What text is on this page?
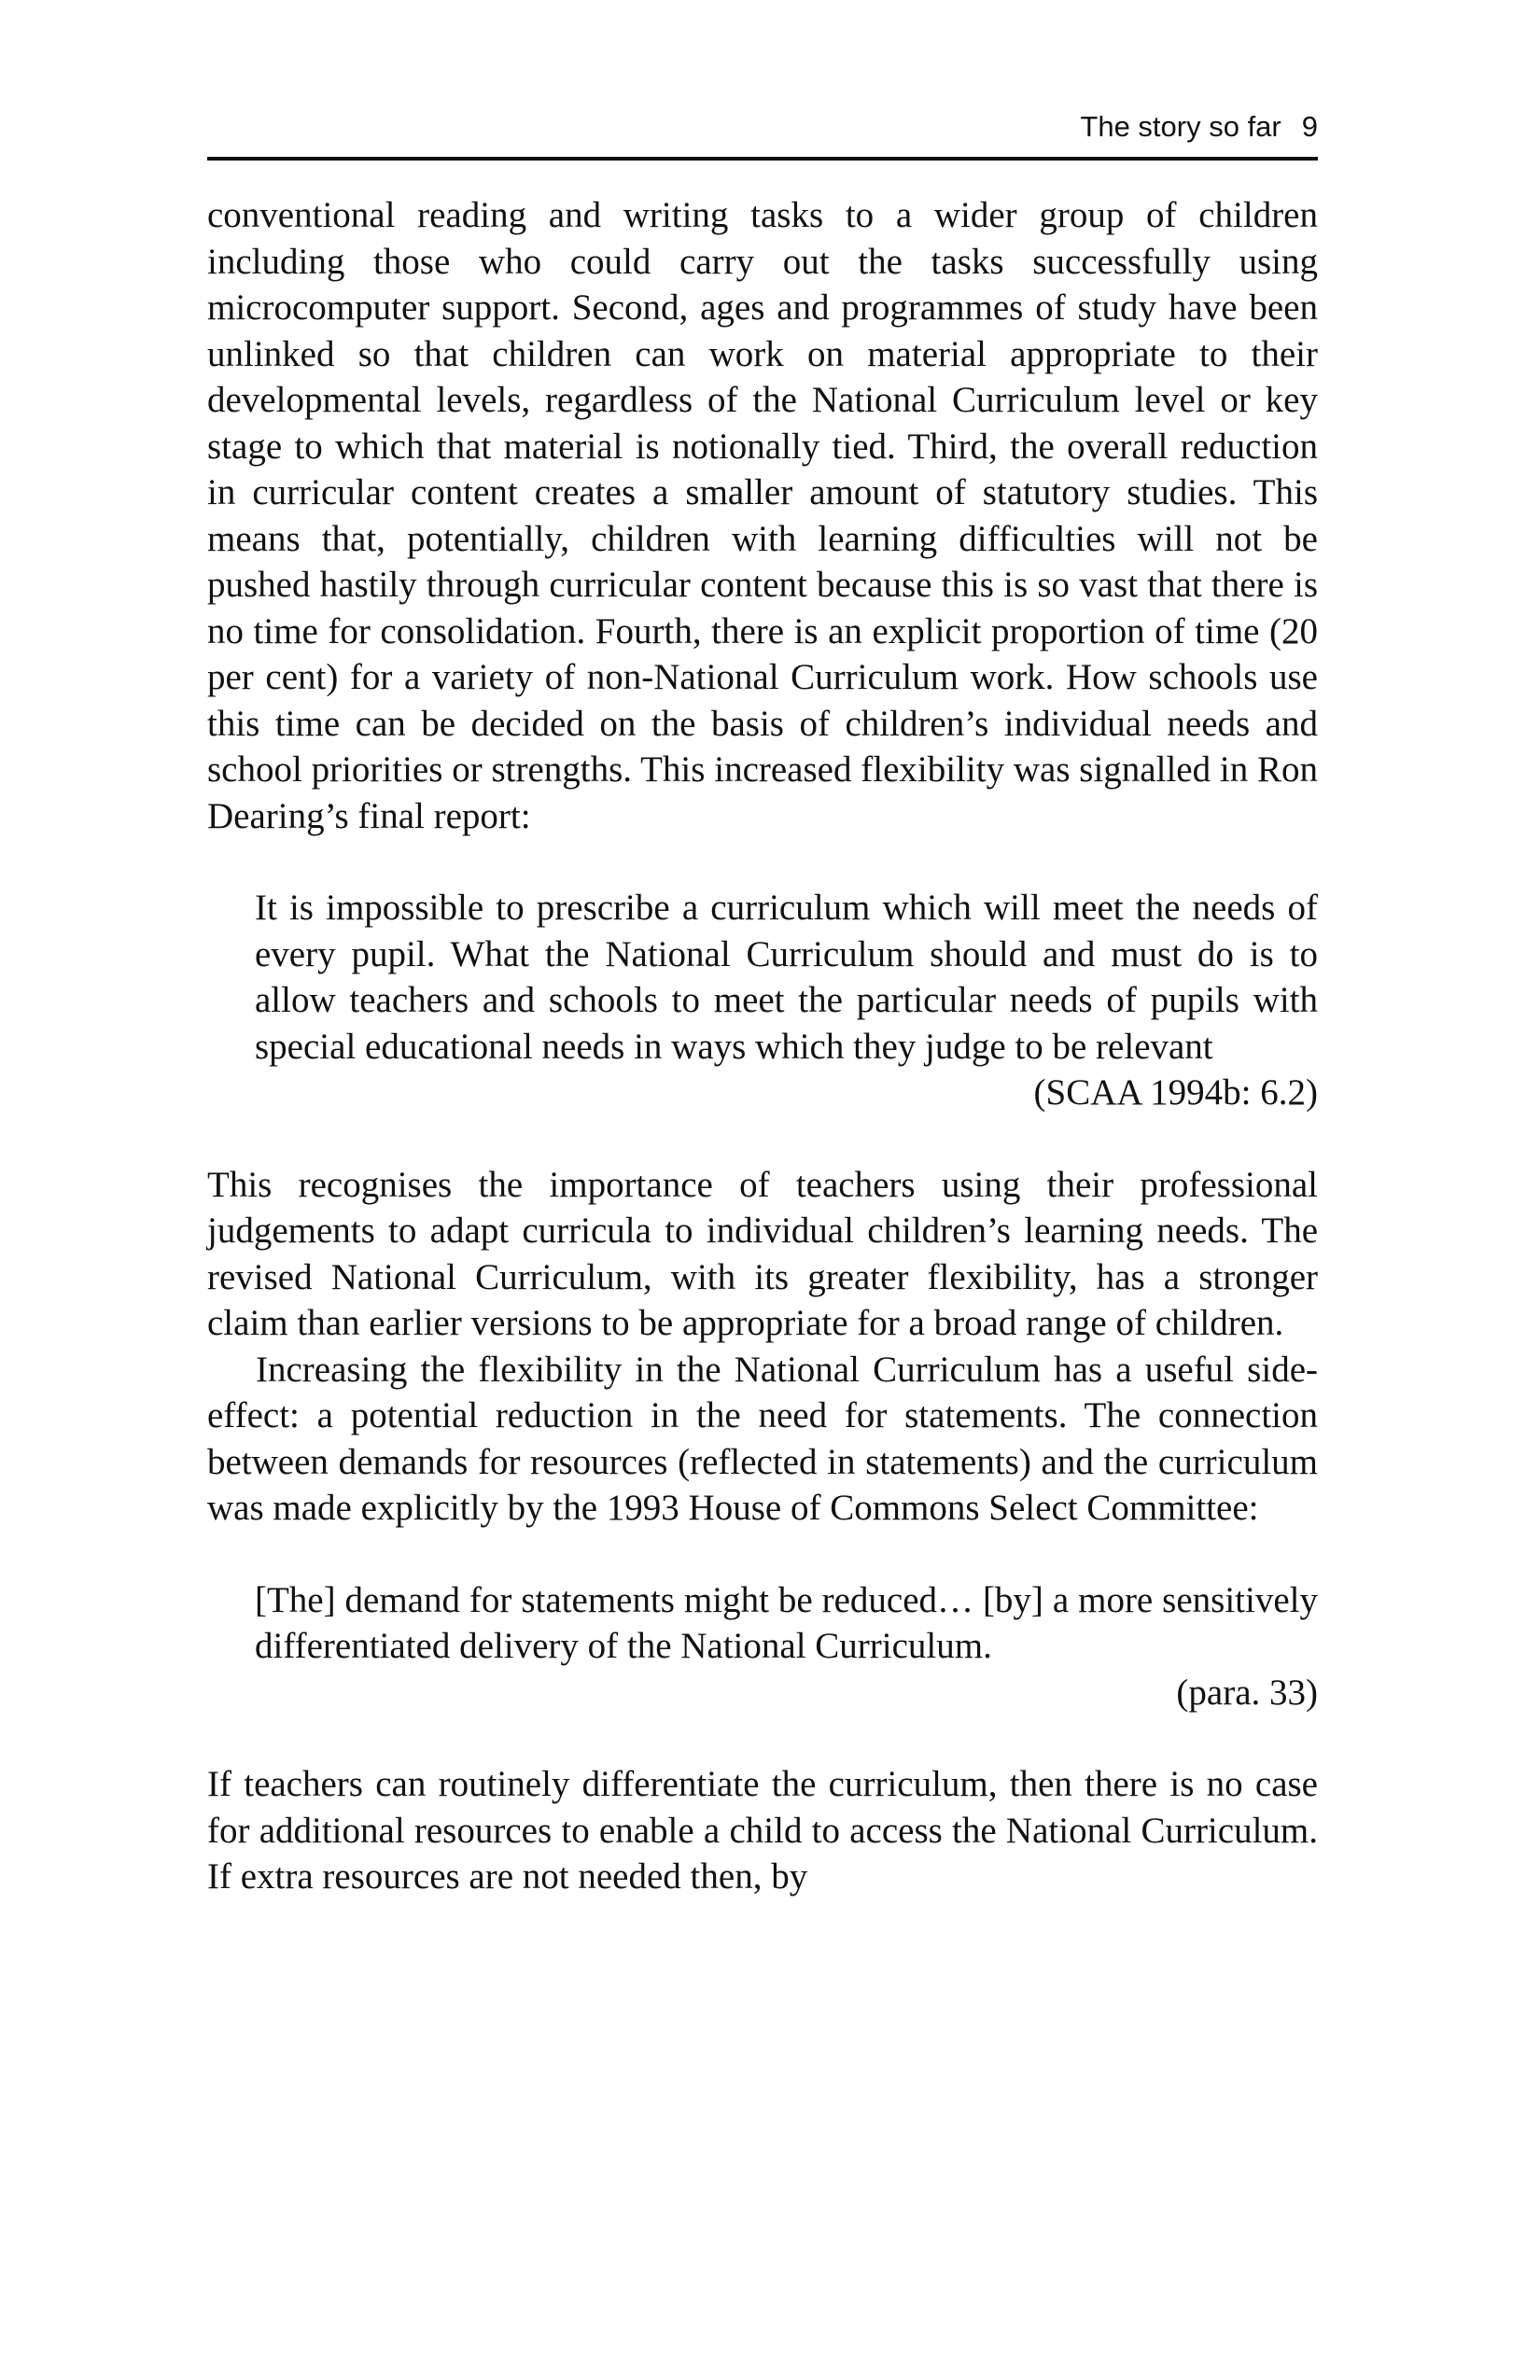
The story so far 9

conventional reading and writing tasks to a wider group of children including those who could carry out the tasks successfully using microcomputer support. Second, ages and programmes of study have been unlinked so that children can work on material appropriate to their developmental levels, regardless of the National Curriculum level or key stage to which that material is notionally tied. Third, the overall reduction in curricular content creates a smaller amount of statutory studies. This means that, potentially, children with learning difficulties will not be pushed hastily through curricular content because this is so vast that there is no time for consolidation. Fourth, there is an explicit proportion of time (20 per cent) for a variety of non-National Curriculum work. How schools use this time can be decided on the basis of children’s individual needs and school priorities or strengths. This increased flexibility was signalled in Ron Dearing’s final report:

It is impossible to prescribe a curriculum which will meet the needs of every pupil. What the National Curriculum should and must do is to allow teachers and schools to meet the particular needs of pupils with special educational needs in ways which they judge to be relevant

(SCAA 1994b: 6.2)

This recognises the importance of teachers using their professional judgements to adapt curricula to individual children’s learning needs. The revised National Curriculum, with its greater flexibility, has a stronger claim than earlier versions to be appropriate for a broad range of children.

Increasing the flexibility in the National Curriculum has a useful side-effect: a potential reduction in the need for statements. The connection between demands for resources (reflected in statements) and the curriculum was made explicitly by the 1993 House of Commons Select Committee:

[The] demand for statements might be reduced… [by] a more sensitively differentiated delivery of the National Curriculum.

(para. 33)

If teachers can routinely differentiate the curriculum, then there is no case for additional resources to enable a child to access the National Curriculum. If extra resources are not needed then, by
